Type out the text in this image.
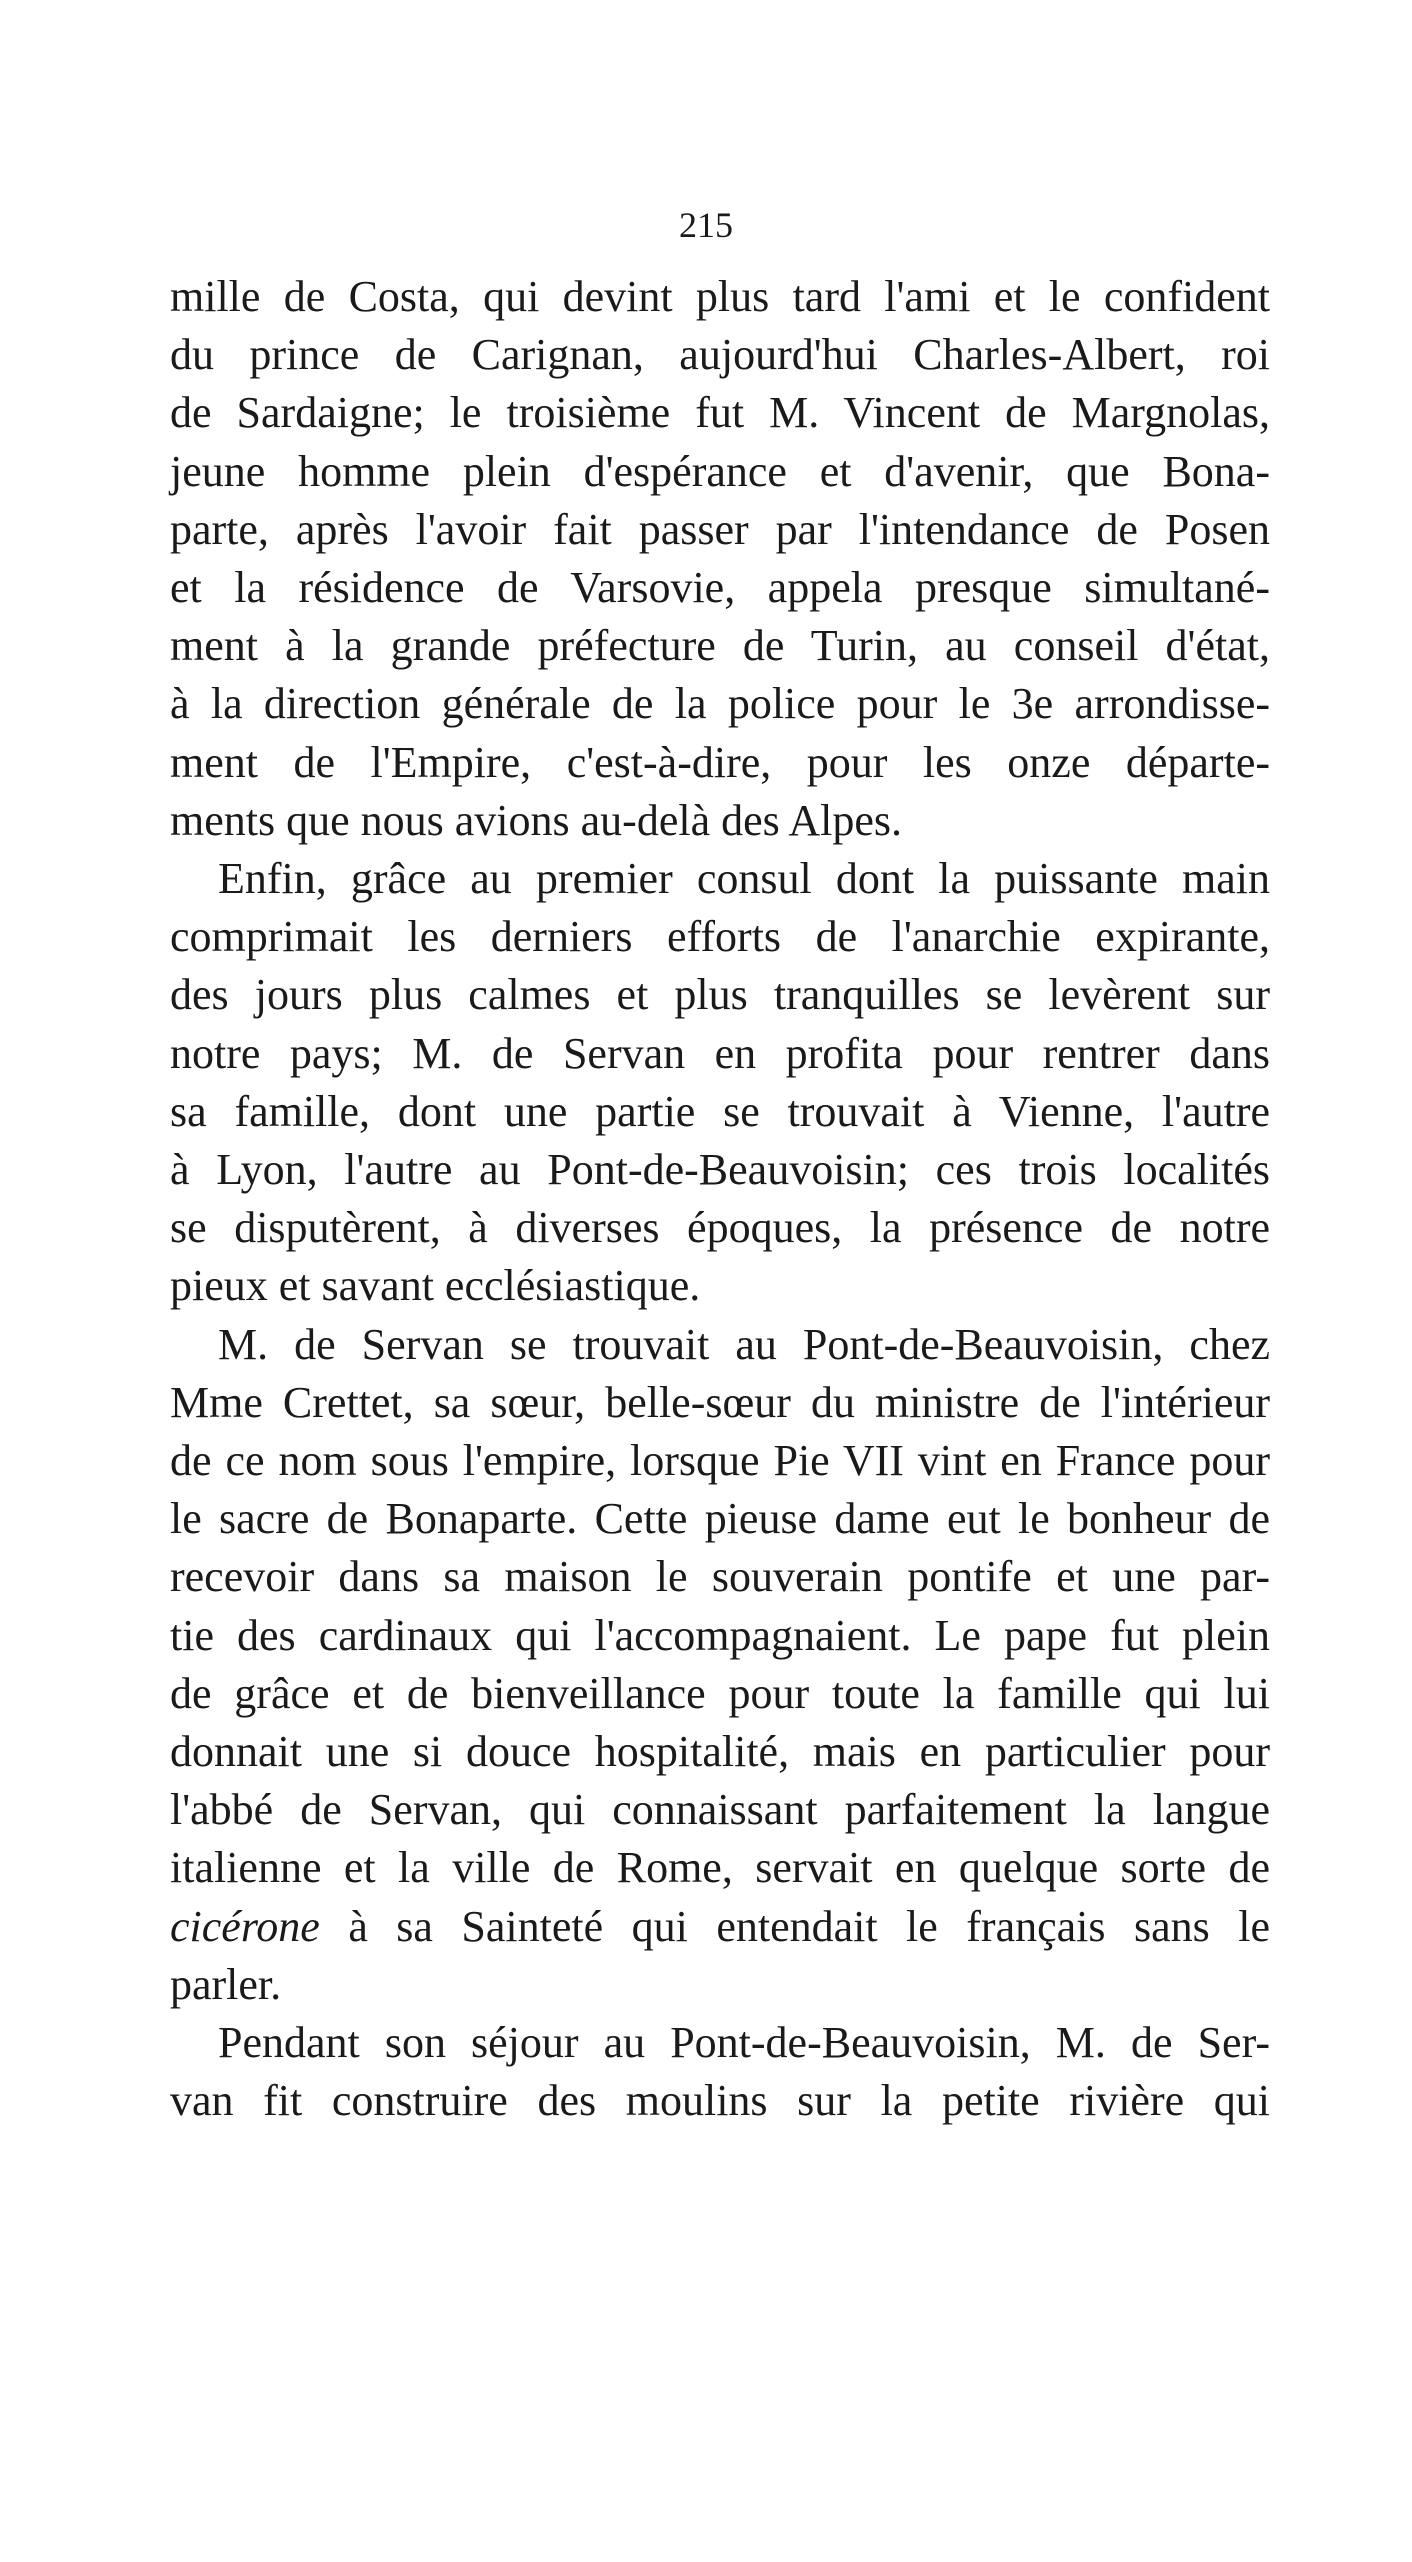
215
mille de Costa, qui devint plus tard l'ami et le confident
du prince de Carignan, aujourd'hui Charles-Albert, roi
de Sardaigne; le troisième fut M. Vincent de Margnolas,
jeune homme plein d'espérance et d'avenir, que Bona-
parte, après l'avoir fait passer par l'intendance de Posen
et la résidence de Varsovie, appela presque simultané-
ment à la grande préfecture de Turin, au conseil d'état,
à la direction générale de la police pour le 3e arrondisse-
ment de l'Empire, c'est-à-dire, pour les onze départe-
ments que nous avions au-delà des Alpes.
Enfin, grâce au premier consul dont la puissante main
comprimait les derniers efforts de l'anarchie expirante,
des jours plus calmes et plus tranquilles se levèrent sur
notre pays; M. de Servan en profita pour rentrer dans
sa famille, dont une partie se trouvait à Vienne, l'autre
à Lyon, l'autre au Pont-de-Beauvoisin; ces trois localités
se disputèrent, à diverses époques, la présence de notre
pieux et savant ecclésiastique.
M. de Servan se trouvait au Pont-de-Beauvoisin, chez
Mme Crettet, sa sœur, belle-sœur du ministre de l'intérieur
de ce nom sous l'empire, lorsque Pie VII vint en France pour
le sacre de Bonaparte. Cette pieuse dame eut le bonheur de
recevoir dans sa maison le souverain pontife et une par-
tie des cardinaux qui l'accompagnaient. Le pape fut plein
de grâce et de bienveillance pour toute la famille qui lui
donnait une si douce hospitalité, mais en particulier pour
l'abbé de Servan, qui connaissant parfaitement la langue
italienne et la ville de Rome, servait en quelque sorte de
cicérone à sa Sainteté qui entendait le français sans le
parler.
Pendant son séjour au Pont-de-Beauvoisin, M. de Ser-
van fit construire des moulins sur la petite rivière qui
